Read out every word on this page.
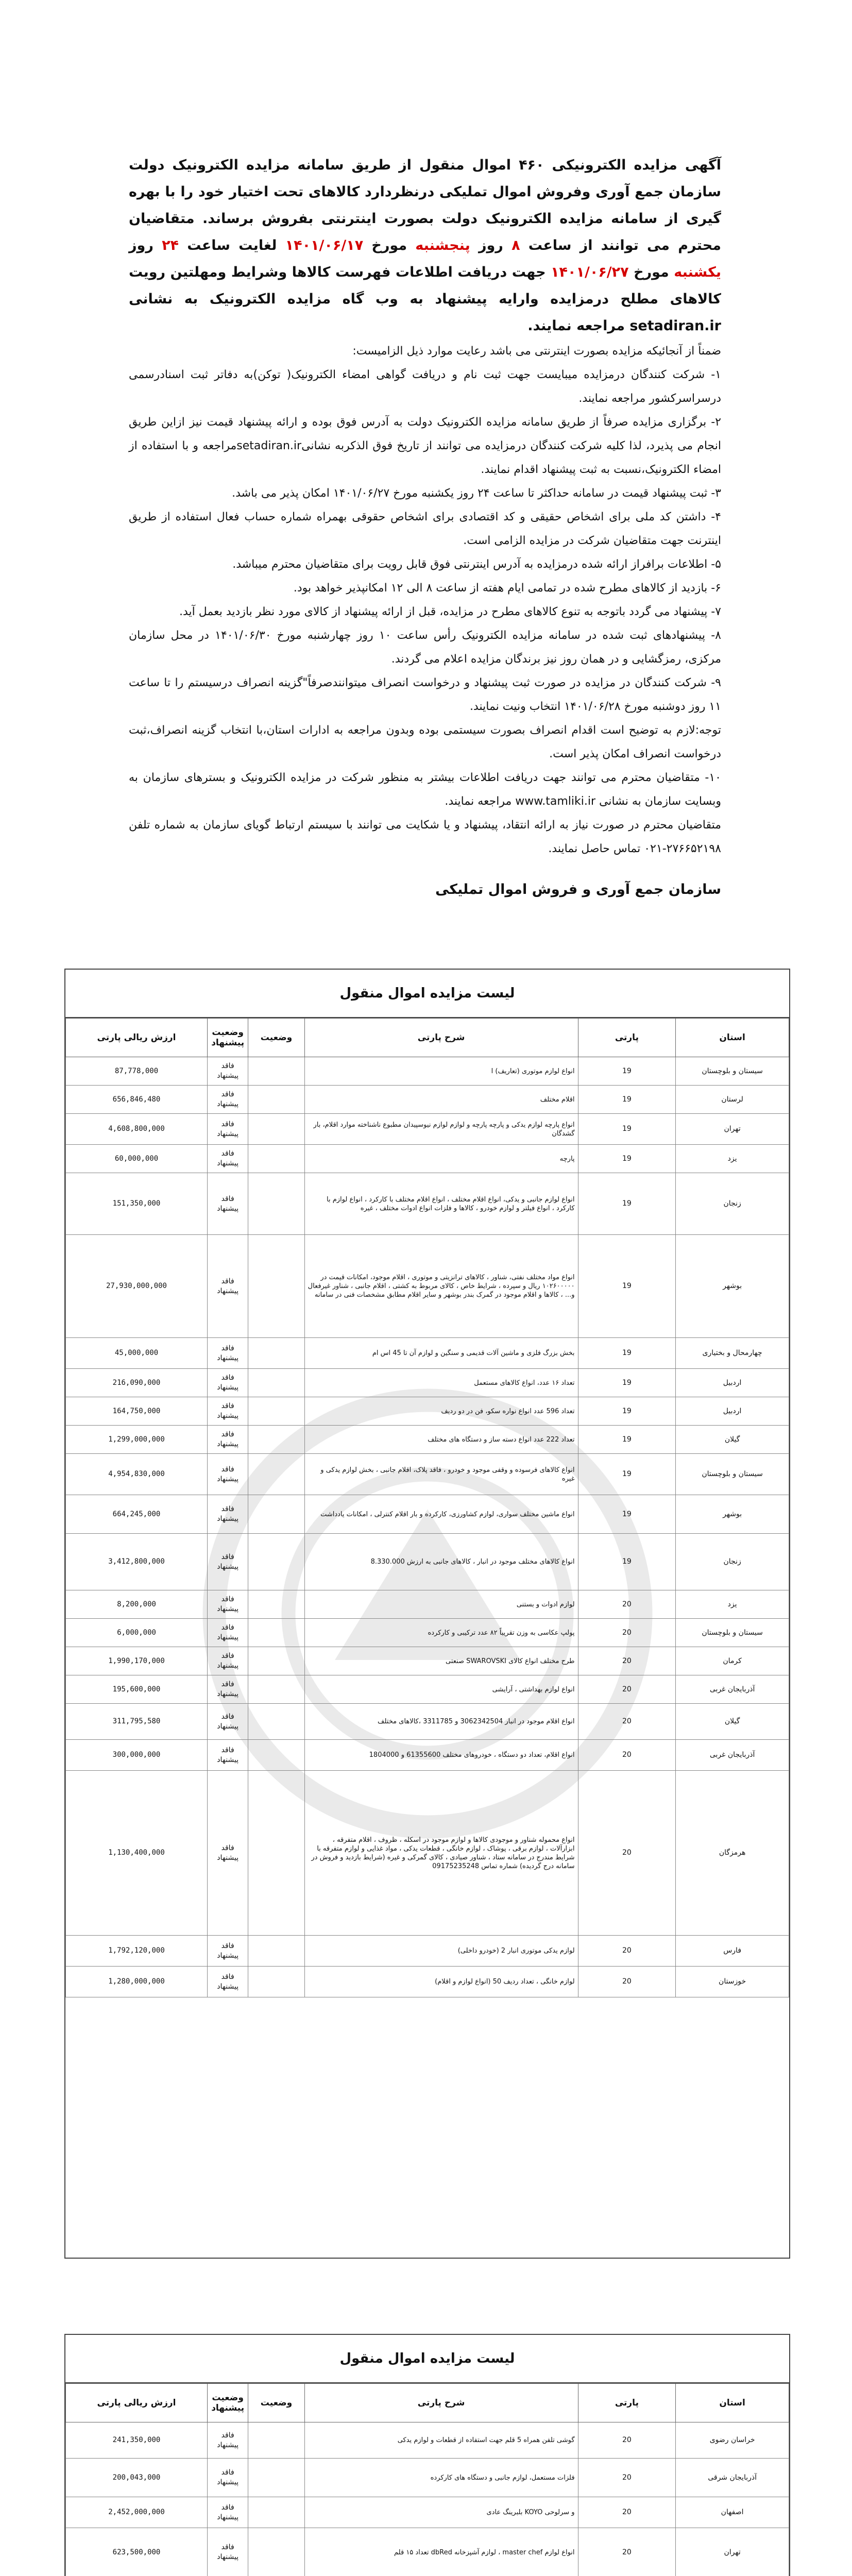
آگهی مزایده الکترونیکی ۴۶۰ اموال منقول از طریق سامانه مزایده الکترونیک دولت سازمان جمع آوری وفروش اموال تملیکی درنظردارد کالاهای تحت اختیار خود را با بهره گیری از سامانه مزایده الکترونیک دولت بصورت اینترنتی بفروش برساند. متقاضیان محترم می توانند از ساعت ۸ روز پنجشنبه مورخ ۱۴۰۱/۰۶/۱۷ لغایت ساعت ۲۴ روز یکشنبه مورخ ۱۴۰۱/۰۶/۲۷ جهت دریافت اطلاعات فهرست کالاها وشرایط ومهلتین رویت کالاهای مطلح درمزایده وارایه پیشنهاد به وب گاه مزایده الکترونیک به نشانی setadiran.ir مراجعه نمایند.
ضمناً از آنجائیکه مزایده بصورت اینترنتی می باشد رعایت موارد ذیل الزامیست:
۱- شرکت کنندگان درمزایده میبایست جهت ثبت نام و دریافت گواهی امضاء الکترونیک( توکن)به دفاتر ثبت اسنادرسمی درسراسرکشور مراجعه نمایند.
۲- برگزاری مزایده صرفاً از طریق سامانه مزایده الکترونیک دولت به آدرس فوق بوده و ارائه پیشنهاد قیمت نیز ازاین طریق انجام می پذیرد، لذا کلیه شرکت کنندگان درمزایده می توانند از تاریخ فوق الذکربه نشانیsetadiran.irمراجعه و با استفاده از امضاء الکترونیک،نسبت به ثبت پیشنهاد اقدام نمایند.
۳- ثبت پیشنهاد قیمت در سامانه حداکثر تا ساعت ۲۴ روز یکشنبه مورخ ۱۴۰۱/۰۶/۲۷ امکان پذیر می باشد.
۴- داشتن کد ملی برای اشخاص حقیقی و کد اقتصادی برای اشخاص حقوقی بهمراه شماره حساب فعال استفاده از طریق اینترنت جهت متقاضیان شرکت در مزایده الزامی است.
۵- اطلاعات برافراز ارائه شده درمزایده به آدرس اینترنتی فوق قابل رویت برای متقاضیان محترم میباشد.
۶- بازدید از کالاهای مطرح شده در تمامی ایام هفته از ساعت ۸ الی ۱۲ امکانپذیر خواهد بود.
۷- پیشنهاد می گردد باتوجه به تنوع کالاهای مطرح در مزایده، قبل از ارائه پیشنهاد از کالای مورد نظر بازدید بعمل آید.
۸- پیشنهادهای ثبت شده در سامانه مزایده الکترونیک رأس ساعت ۱۰ روز چهارشنبه مورخ ۱۴۰۱/۰۶/۳۰ در محل سازمان مرکزی، رمزگشایی و در همان روز نیز برندگان مزایده اعلام می گردند.
۹- شرکت کنندگان در مزایده در صورت ثبت پیشنهاد و درخواست انصراف میتوانندصرفاً"گزینه انصراف درسیستم را تا ساعت ۱۱ روز دوشنبه مورخ ۱۴۰۱/۰۶/۲۸ انتخاب ونیت نمایند.
توجه:لازم به توضیح است اقدام انصراف بصورت سیستمی بوده وبدون مراجعه به ادارات استان،با انتخاب گزینه انصراف،ثبت درخواست انصراف امکان پذیر است.
۱۰- متقاضیان محترم می توانند جهت دریافت اطلاعات بیشتر به منظور شرکت در مزایده الکترونیک و بسترهای سازمان به وبسایت سازمان به نشانی www.tamliki.ir مراجعه نمایند.
متقاضیان محترم در صورت نیاز به ارائه انتقاد، پیشنهاد و یا شکایت می توانند با سیستم ارتباط گویای سازمان به شماره تلفن ۲۷۶۶۵۲۱۹۸-۰۲۱ تماس حاصل نمایند.
سازمان جمع آوری و فروش اموال تملیکی
لیست مزایده اموال منقول
استان	پارتی	شرح پارتی	وضعیت	وضعیت پیشنهاد	ارزش ریالی پارتی
سیستان و بلوچستان	19	انواع لوازم موتوری (تعاریف) ا		فاقد پیشنهاد	87,778,000
لرستان	19	اقلام مختلف		فاقد پیشنهاد	656,846,480
تهران	19	انواع پارچه لوازم یدکی و پارچه پارچه و لوازم لوازم نیوسپیدان مطبوع ناشناخته موارد اقلام، بار گشدگان		فاقد پیشنهاد	4,608,800,000
یزد	19	پارچه		فاقد پیشنهاد	60,000,000
زنجان	19	انواع لوازم جانبی و یدکی، انواع اقلام مختلف ، انواع اقلام مختلف با کارکرد ، انواع لوازم با کارکرد ، انواع فیلتر و لوازم خودرو ، کالاها و فلزات انواع ادوات مختلف ، غیره		فاقد پیشنهاد	151,350,000
بوشهر	19	انواع مواد مختلف نفتی، شناور ، کالاهای ترانزیتی و موتوری ، اقلام موجود، امکانات قیمت در ۱۰۲۶۰۰۰۰۰ ریال و سپرده ، شرایط خاص ، کالای مربوط به کشتی ، اقلام جانبی ، شناور غیرفعال و... ، کالاها و اقلام موجود در گمرک بندر بوشهر و سایر اقلام مطابق مشخصات فنی در سامانه		فاقد پیشنهاد	27,930,000,000
چهارمحال و بختیاری	19	بخش بزرگ فلزی و ماشین آلات قدیمی و سنگین و لوازم آن تا 45 اس ام		فاقد پیشنهاد	45,000,000
اردبیل	19	تعداد ۱۶ عدد، انواع کالاهای مستعمل		فاقد پیشنهاد	216,090,000
اردبیل	19	تعداد 596 عدد انواع نواره سکو، فن در دو ردیف		فاقد پیشنهاد	164,750,000
گیلان	19	تعداد 222 عدد انواع دسته ساز و دستگاه های مختلف		فاقد پیشنهاد	1,299,000,000
سیستان و بلوچستان	19	انواع کالاهای فرسوده و وقفی موجود و خودرو ، فاقد پلاک، اقلام جانبی ، بخش لوازم یدکی و غیره		فاقد پیشنهاد	4,954,830,000
بوشهر	19	انواع ماشین مختلف سواری، لوازم کشاورزی، کارکرده و بار اقلام کنترلی ، امکانات یادداشت		فاقد پیشنهاد	664,245,000
زنجان	19	انواع کالاهای مختلف موجود در انبار ، کالاهای جانبی به ارزش 8.330.000		فاقد پیشنهاد	3,412,800,000
یزد	20	لوازم ادوات و بستنی		فاقد پیشنهاد	8,200,000
سیستان و بلوچستان	20	پولپ عکاسی به وزن تقریباً ۸۲ عدد ترکیبی و کارکرده		فاقد پیشنهاد	6,000,000
کرمان	20	طرح مختلف انواع کالای SWAROVSKI صنعتی		فاقد پیشنهاد	1,990,170,000
آذربایجان غربی	20	انواع لوازم بهداشتی ، آرایشی		فاقد پیشنهاد	195,600,000
گیلان	20	انواع اقلام موجود در انبار 3062342504 و 3311785 ،کالاهای مختلف		فاقد پیشنهاد	311,795,580
آذربایجان غربی	20	انواع اقلام، تعداد دو دستگاه ، خودروهای مختلف 61355600 و 1804000		فاقد پیشنهاد	300,000,000
هرمزگان	20	انواع محموله شناور و موجودی کالاها و لوازم موجود در اسکله ، ظروف ، اقلام متفرقه ، ابزارآلات ، لوازم برقی ، پوشاک ، لوازم خانگی ، قطعات یدکی ، مواد غذایی و لوازم متفرقه با شرایط مندرج در سامانه ستاد ، شناور صیادی ، کالای گمرکی و غیره (شرایط بازدید و فروش در سامانه درج گردیده) شماره تماس 09175235248		فاقد پیشنهاد	1,130,400,000
فارس	20	لوازم یدکی موتوری انبار 2 (خودرو داخلی)		فاقد پیشنهاد	1,792,120,000
خوزستان	20	لوازم خانگی ، تعداد ردیف 50 (انواع لوازم و اقلام)		فاقد پیشنهاد	1,280,000,000
لیست مزایده اموال منقول
استان	پارتی	شرح پارتی	وضعیت	وضعیت پیشنهاد	ارزش ریالی پارتی
خراسان رضوی	20	گوشی تلفن همراه 5 قلم جهت استفاده از قطعات و لوازم یدکی		فاقد پیشنهاد	241,350,000
آذربایجان شرقی	20	فلزات مستعمل، لوازم جانبی و دستگاه های کارکرده		فاقد پیشنهاد	200,043,000
اصفهان	20	و سرلوحی KOYO بلبرینگ عادی		فاقد پیشنهاد	2,452,000,000
تهران	20	انواع لوازم master chef ، لوازم آشپزخانه dbRed تعداد ۱۵ قلم		فاقد پیشنهاد	623,500,000
